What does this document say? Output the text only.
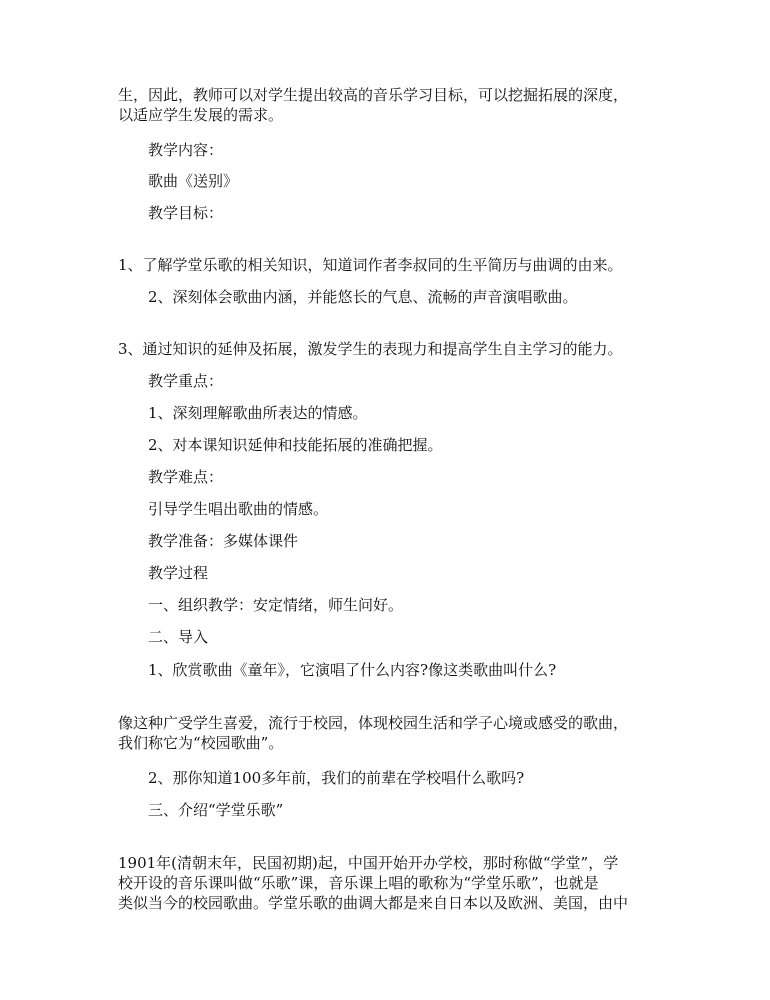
生，因此，教师可以对学生提出较高的音乐学习目标，可以挖掘拓展的深度，
以适应学生发展的需求。
教学内容：
歌曲《送别》
教学目标：
1、了解学堂乐歌的相关知识，知道词作者李叔同的生平简历与曲调的由来。
2、深刻体会歌曲内涵，并能悠长的气息、流畅的声音演唱歌曲。
3、通过知识的延伸及拓展，激发学生的表现力和提高学生自主学习的能力。
教学重点：
1、深刻理解歌曲所表达的情感。
2、对本课知识延伸和技能拓展的准确把握。
教学难点：
引导学生唱出歌曲的情感。
教学准备：多媒体课件
教学过程
一、组织教学：安定情绪，师生问好。
二、导入
1、欣赏歌曲《童年》，它演唱了什么内容?像这类歌曲叫什么?
像这种广受学生喜爱，流行于校园，体现校园生活和学子心境或感受的歌曲，
我们称它为“校园歌曲”。
2、那你知道100多年前，我们的前辈在学校唱什么歌吗?
三、介绍“学堂乐歌”
1901年(清朝末年，民国初期)起，中国开始开办学校，那时称做“学堂”，学
校开设的音乐课叫做“乐歌”课，音乐课上唱的歌称为“学堂乐歌”，也就是
类似当今的校园歌曲。学堂乐歌的曲调大都是来自日本以及欧洲、美国，由中
